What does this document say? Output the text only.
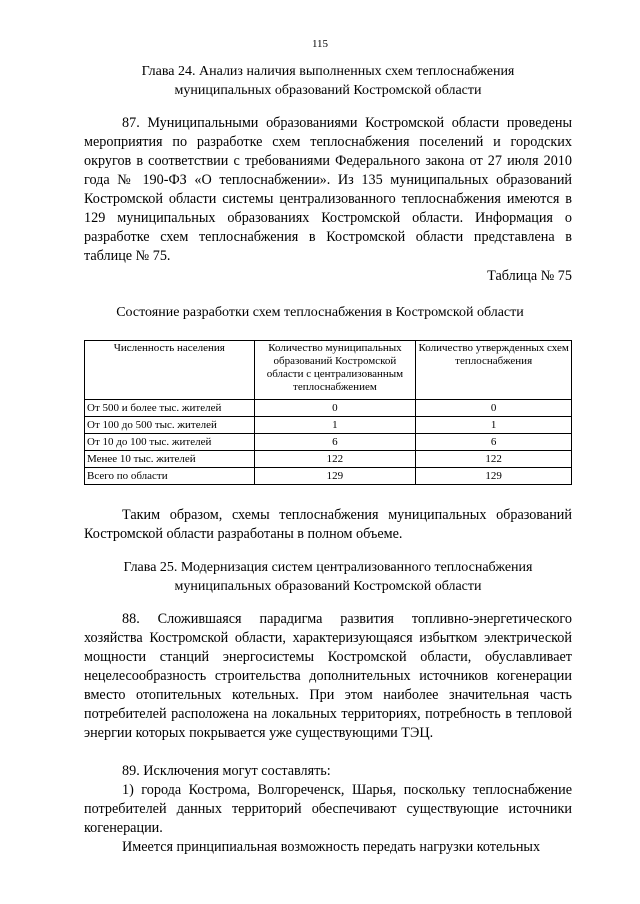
115
Глава 24. Анализ наличия выполненных схем теплоснабжения
муниципальных образований Костромской области
87. Муниципальными образованиями Костромской области проведены мероприятия по разработке схем теплоснабжения поселений и городских округов в соответствии с требованиями Федерального закона от 27 июля 2010 года № 190-ФЗ «О теплоснабжении». Из 135 муниципальных образований Костромской области системы централизованного теплоснабжения имеются в 129 муниципальных образованиях Костромской области. Информация о разработке схем теплоснабжения в Костромской области представлена в таблице № 75.
Таблица № 75
Состояние разработки схем теплоснабжения в Костромской области
Численность населения	Количество муниципальных образований Костромской области с централизованным теплоснабжением	Количество утвержденных схем теплоснабжения
От 500 и более тыс. жителей	0	0
От 100 до 500 тыс. жителей	1	1
От 10 до 100 тыс. жителей	6	6
Менее 10 тыс. жителей	122	122
Всего по области	129	129
Таким образом, схемы теплоснабжения муниципальных образований Костромской области разработаны в полном объеме.
Глава 25. Модернизация систем централизованного теплоснабжения
муниципальных образований Костромской области
88. Сложившаяся парадигма развития топливно-энергетического хозяйства Костромской области, характеризующаяся избытком электрической мощности станций энергосистемы Костромской области, обуславливает нецелесообразность строительства дополнительных источников когенерации вместо отопительных котельных. При этом наиболее значительная часть потребителей расположена на локальных территориях, потребность в тепловой энергии которых покрывается уже существующими ТЭЦ.
89. Исключения могут составлять:
1) города Кострома, Волгореченск, Шарья, поскольку теплоснабжение потребителей данных территорий обеспечивают существующие источники когенерации.
Имеется принципиальная возможность передать нагрузки котельных
